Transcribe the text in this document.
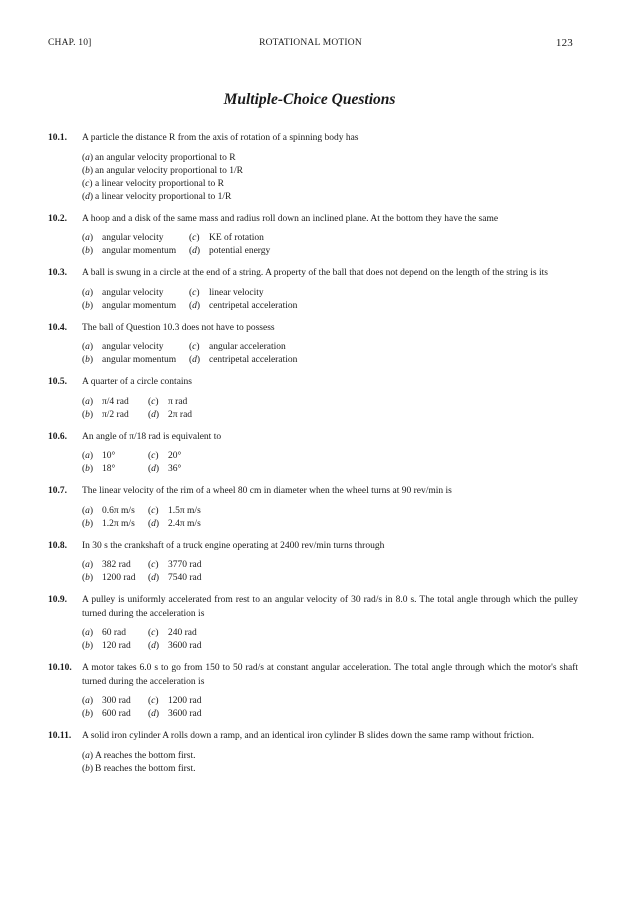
CHAP. 10]	ROTATIONAL MOTION	123
Multiple-Choice Questions
10.1. A particle the distance R from the axis of rotation of a spinning body has
(a) an angular velocity proportional to R
(b) an angular velocity proportional to 1/R
(c) a linear velocity proportional to R
(d) a linear velocity proportional to 1/R
10.2. A hoop and a disk of the same mass and radius roll down an inclined plane. At the bottom they have the same
(a) angular velocity	(c) KE of rotation
(b) angular momentum (d) potential energy
10.3. A ball is swung in a circle at the end of a string. A property of the ball that does not depend on the length of the string is its
(a) angular velocity	(c) linear velocity
(b) angular momentum (d) centripetal acceleration
10.4. The ball of Question 10.3 does not have to possess
(a) angular velocity	(c) angular acceleration
(b) angular momentum (d) centripetal acceleration
10.5. A quarter of a circle contains
(a) π/4 rad (c) π rad
(b) π/2 rad (d) 2π rad
10.6. An angle of π/18 rad is equivalent to
(a) 10°	(c) 20°
(b) 18°	(d) 36°
10.7. The linear velocity of the rim of a wheel 80 cm in diameter when the wheel turns at 90 rev/min is
(a) 0.6π m/s (c) 1.5π m/s
(b) 1.2π m/s (d) 2.4π m/s
10.8. In 30 s the crankshaft of a truck engine operating at 2400 rev/min turns through
(a) 382 rad (c) 3770 rad
(b) 1200 rad (d) 7540 rad
10.9. A pulley is uniformly accelerated from rest to an angular velocity of 30 rad/s in 8.0 s. The total angle through which the pulley turned during the acceleration is
(a) 60 rad (c) 240 rad
(b) 120 rad (d) 3600 rad
10.10. A motor takes 6.0 s to go from 150 to 50 rad/s at constant angular acceleration. The total angle through which the motor's shaft turned during the acceleration is
(a) 300 rad (c) 1200 rad
(b) 600 rad (d) 3600 rad
10.11. A solid iron cylinder A rolls down a ramp, and an identical iron cylinder B slides down the same ramp without friction.
(a) A reaches the bottom first.
(b) B reaches the bottom first.
